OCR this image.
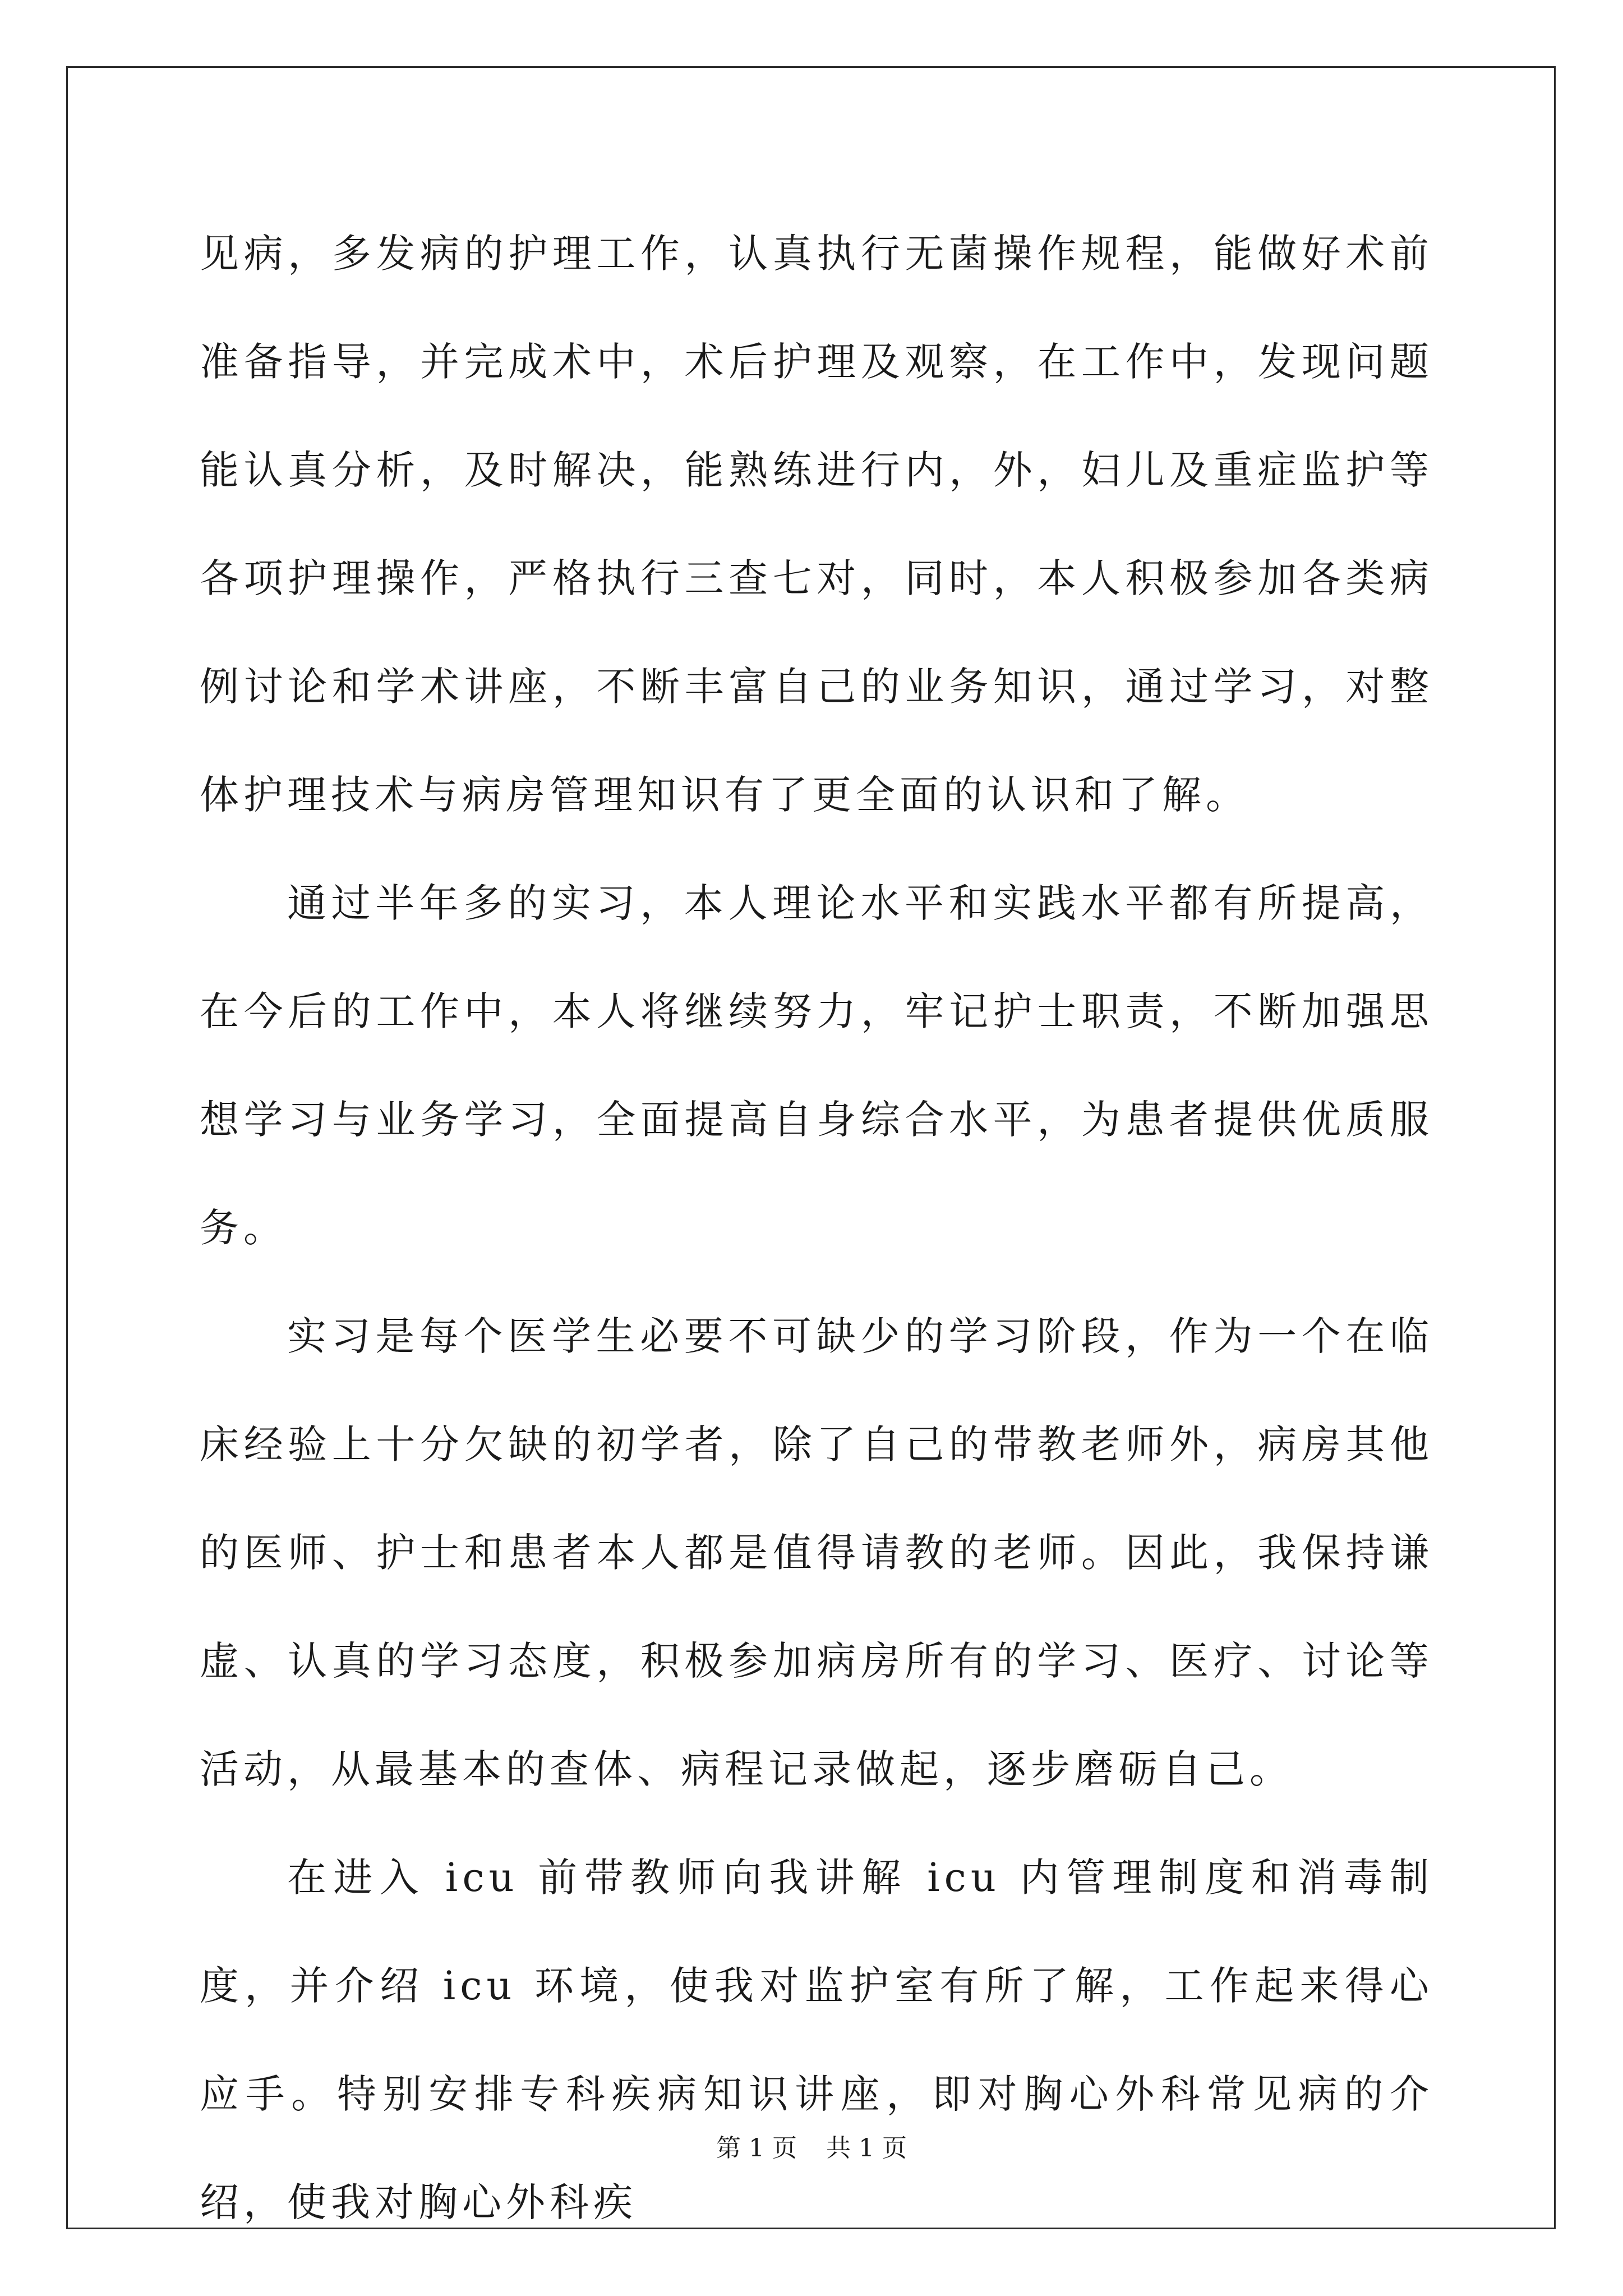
见病，多发病的护理工作，认真执行无菌操作规程，能做好术前准备指导，并完成术中，术后护理及观察，在工作中，发现问题能认真分析，及时解决，能熟练进行内，外，妇儿及重症监护等各项护理操作，严格执行三查七对，同时，本人积极参加各类病例讨论和学术讲座，不断丰富自己的业务知识，通过学习，对整体护理技术与病房管理知识有了更全面的认识和了解。

通过半年多的实习，本人理论水平和实践水平都有所提高，在今后的工作中，本人将继续努力，牢记护士职责，不断加强思想学习与业务学习，全面提高自身综合水平，为患者提供优质服务。

实习是每个医学生必要不可缺少的学习阶段，作为一个在临床经验上十分欠缺的初学者，除了自己的带教老师外，病房其他的医师、护士和患者本人都是值得请教的老师。因此，我保持谦虚、认真的学习态度，积极参加病房所有的学习、医疗、讨论等活动，从最基本的查体、病程记录做起，逐步磨砺自己。

在进入 icu 前带教师向我讲解 icu 内管理制度和消毒制度，并介绍 icu 环境，使我对监护室有所了解，工作起来得心应手。特别安排专科疾病知识讲座，即对胸心外科常见病的介绍，使我对胸心外科疾

第 1 页 共 1 页
